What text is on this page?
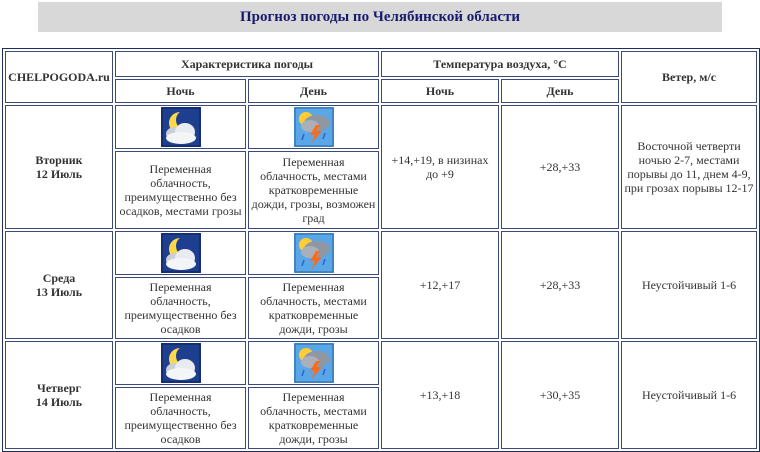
Прогноз погоды по Челябинской области
CHELPOGODA.ru	Характеристика погоды		Температура воздуха, °С		Ветер, м/с
	Ночь	День	Ночь	День	

Вторник
12 Июль			+14,+19, в низинах до +9	+28,+33	Восточной четверти ночью 2-7, местами порывы до 11, днем 4-9, при грозах порывы 12-17
	Переменная облачность, преимущественно без осадков, местами грозы	Переменная облачность, местами кратковременные дожди, грозы, возможен град			

Среда
13 Июль			+12,+17	+28,+33	Неустойчивый 1-6
	Переменная облачность, преимущественно без осадков	Переменная облачность, местами кратковременные дожди, грозы			

Четверг
14 Июль			+13,+18	+30,+35	Неустойчивый 1-6
	Переменная облачность, преимущественно без осадков	Переменная облачность, местами кратковременные дожди, грозы			
